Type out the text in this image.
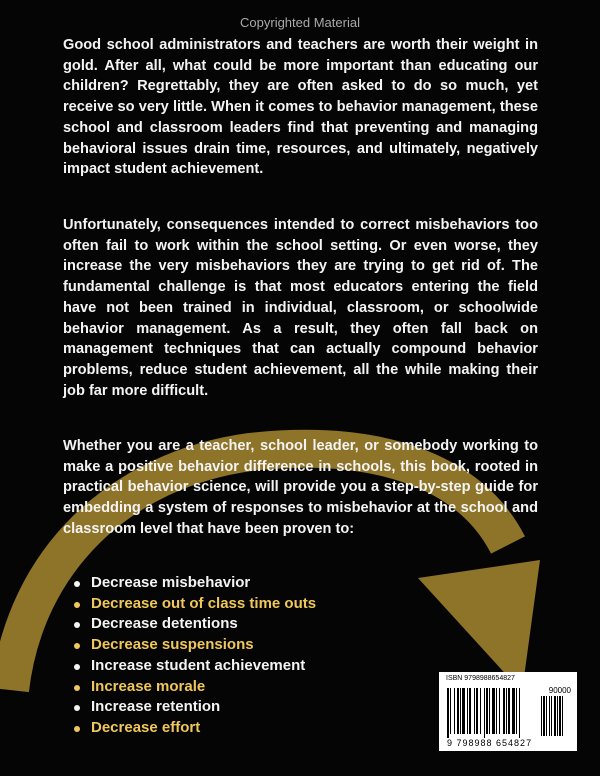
Copyrighted Material

Good school administrators and teachers are worth their weight in gold. After all, what could be more important than educating our children? Regrettably, they are often asked to do so much, yet receive so very little. When it comes to behavior management, these school and classroom leaders find that preventing and managing behavioral issues drain time, resources, and ultimately, negatively impact student achievement.

Unfortunately, consequences intended to correct misbehaviors too often fail to work within the school setting. Or even worse, they increase the very misbehaviors they are trying to get rid of. The fundamental challenge is that most educators entering the field have not been trained in individual, classroom, or schoolwide behavior management. As a result, they often fall back on management techniques that can actually compound behavior problems, reduce student achievement, all the while making their job far more difficult.

Whether you are a teacher, school leader, or somebody working to make a positive behavior difference in schools, this book, rooted in practical behavior science, will provide you a step-by-step guide for embedding a system of responses to misbehavior at the school and classroom level that have been proven to:

Decrease misbehavior
Decrease out of class time outs
Decrease detentions
Decrease suspensions
Increase student achievement
Increase morale
Increase retention
Decrease effort
ISBN 9798988654827
90000
9 798988 654827
